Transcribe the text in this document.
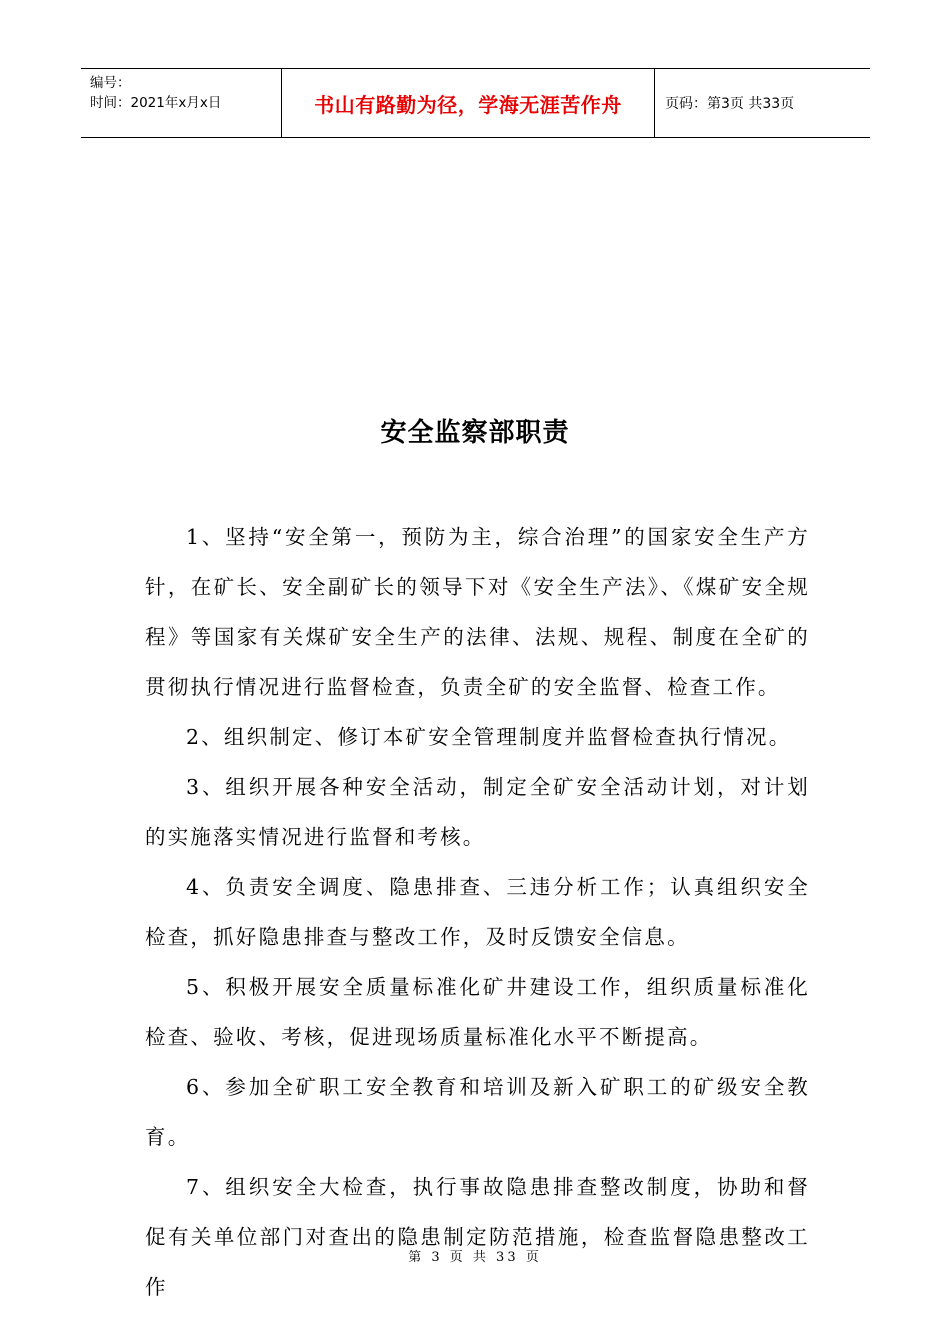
编号：
时间：2021年x月x日	书山有路勤为径，学海无涯苦作舟	页码：第3页 共33页
安全监察部职责

1、坚持“安全第一，预防为主，综合治理”的国家安全生产方针，在矿长、安全副矿长的领导下对《安全生产法》、《煤矿安全规程》等国家有关煤矿安全生产的法律、法规、规程、制度在全矿的贯彻执行情况进行监督检查，负责全矿的安全监督、检查工作。

2、组织制定、修订本矿安全管理制度并监督检查执行情况。

3、组织开展各种安全活动，制定全矿安全活动计划，对计划的实施落实情况进行监督和考核。

4、负责安全调度、隐患排查、三违分析工作；认真组织安全检查，抓好隐患排查与整改工作，及时反馈安全信息。

5、积极开展安全质量标准化矿井建设工作，组织质量标准化检查、验收、考核，促进现场质量标准化水平不断提高。

6、参加全矿职工安全教育和培训及新入矿职工的矿级安全教育。

7、组织安全大检查，执行事故隐患排查整改制度，协助和督促有关单位部门对查出的隐患制定防范措施，检查监督隐患整改工作

第 3 页 共 33 页
